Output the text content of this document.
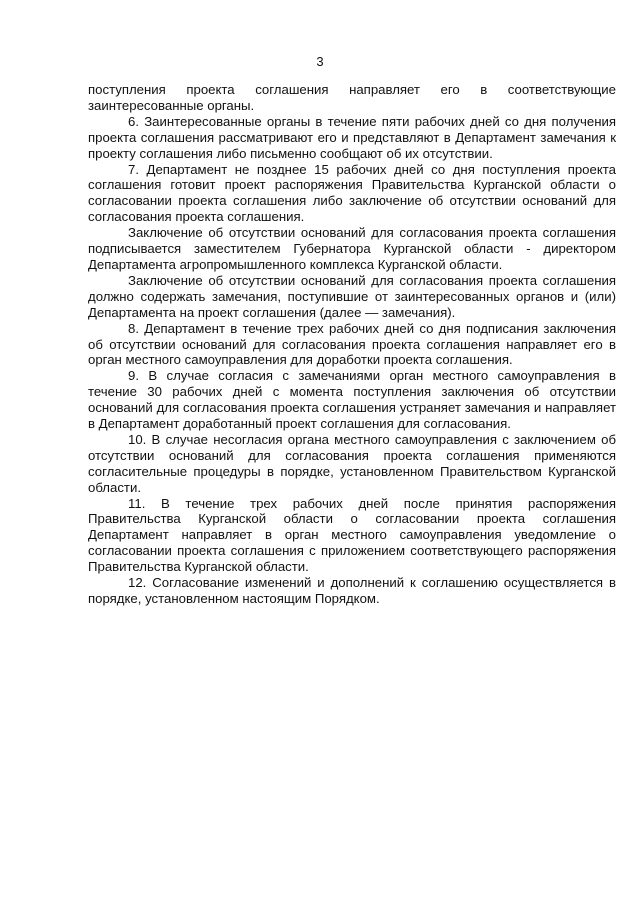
3

поступления проекта соглашения направляет его в соответствующие заинтересованные органы.

6. Заинтересованные органы в течение пяти рабочих дней со дня получения проекта соглашения рассматривают его и представляют в Департамент замечания к проекту соглашения либо письменно сообщают об их отсутствии.

7. Департамент не позднее 15 рабочих дней со дня поступления проекта соглашения готовит проект распоряжения Правительства Курганской области о согласовании проекта соглашения либо заключение об отсутствии оснований для согласования проекта соглашения.

Заключение об отсутствии оснований для согласования проекта соглашения подписывается заместителем Губернатора Курганской области - директором Департамента агропромышленного комплекса Курганской области.

Заключение об отсутствии оснований для согласования проекта соглашения должно содержать замечания, поступившие от заинтересованных органов и (или) Департамента на проект соглашения (далее — замечания).

8. Департамент в течение трех рабочих дней со дня подписания заключения об отсутствии оснований для согласования проекта соглашения направляет его в орган местного самоуправления для доработки проекта соглашения.

9. В случае согласия с замечаниями орган местного самоуправления в течение 30 рабочих дней с момента поступления заключения об отсутствии оснований для согласования проекта соглашения устраняет замечания и направляет в Департамент доработанный проект соглашения для согласования.

10. В случае несогласия органа местного самоуправления с заключением об отсутствии оснований для согласования проекта соглашения применяются согласительные процедуры в порядке, установленном Правительством Курганской области.

11. В течение трех рабочих дней после принятия распоряжения Правительства Курганской области о согласовании проекта соглашения Департамент направляет в орган местного самоуправления уведомление о согласовании проекта соглашения с приложением соответствующего распоряжения Правительства Курганской области.

12. Согласование изменений и дополнений к соглашению осуществляется в порядке, установленном настоящим Порядком.
